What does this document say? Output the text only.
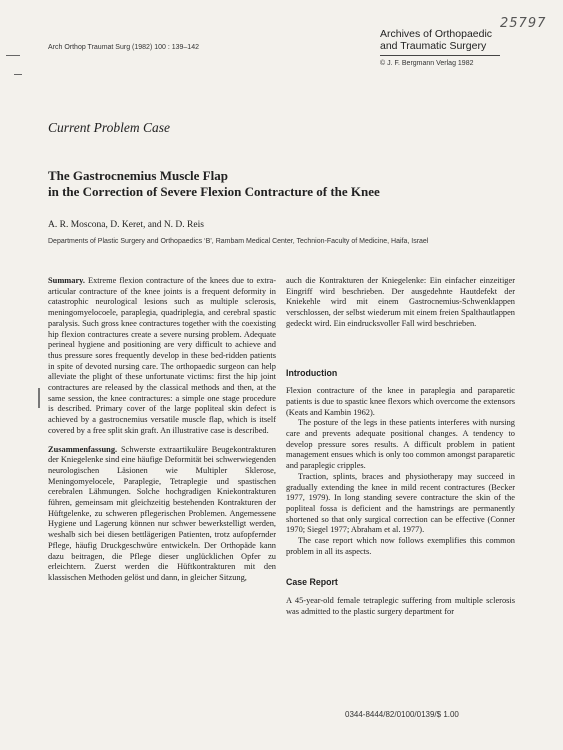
Arch Orthop Traumat Surg (1982) 100 : 139–142
Archives of Orthopaedic
and Traumatic Surgery
© J. F. Bergmann Verlag 1982
25797
Current Problem Case
The Gastrocnemius Muscle Flap
in the Correction of Severe Flexion Contracture of the Knee
A. R. Moscona, D. Keret, and N. D. Reis
Departments of Plastic Surgery and Orthopaedics ‘B’, Rambam Medical Center, Technion-Faculty of Medicine, Haifa, Israel

Summary. Extreme flexion contracture of the knees due to extra-articular contracture of the knee joints is a frequent deformity in catastrophic neurological lesions such as multiple sclerosis, meningomyelocoele, paraplegia, quadriplegia, and cerebral spastic paralysis. Such gross knee contractures together with the coexisting hip flexion contractures create a severe nursing problem. Adequate perineal hygiene and positioning are very difficult to achieve and thus pressure sores frequently develop in these bed-ridden patients in spite of devoted nursing care. The orthopaedic surgeon can help alleviate the plight of these unfortunate victims: first the hip joint contractures are released by the classical methods and then, at the same session, the knee contractures: a simple one stage procedure is described. Primary cover of the large popliteal skin defect is achieved by a gastrocnemius versatile muscle flap, which is itself covered by a free split skin graft. An illustrative case is described.

Zusammenfassung. Schwerste extraartikuläre Beugekontrakturen der Kniegelenke sind eine häufige Deformität bei schwerwiegenden neurologischen Läsionen wie Multipler Sklerose, Meningomyelocele, Paraplegie, Tetraplegie und spastischen cerebralen Lähmungen. Solche hochgradigen Kniekontrakturen führen, gemeinsam mit gleichzeitig bestehenden Kontrakturen der Hüftgelenke, zu schweren pflegerischen Problemen. Angemessene Hygiene und Lagerung können nur schwer bewerkstelligt werden, weshalb sich bei diesen bettlägerigen Patienten, trotz aufopfernder Pflege, häufig Druckgeschwüre entwickeln. Der Orthopäde kann dazu beitragen, die Pflege dieser unglücklichen Opfer zu erleichtern. Zuerst werden die Hüftkontrakturen mit den klassischen Methoden gelöst und dann, in gleicher Sitzung,

auch die Kontrakturen der Kniegelenke: Ein einfacher einzeitiger Eingriff wird beschrieben. Der ausgedehnte Hautdefekt der Kniekehle wird mit einem Gastrocnemius-Schwenklappen verschlossen, der selbst wiederum mit einem freien Spalthautlappen gedeckt wird. Ein eindrucksvoller Fall wird beschrieben.

Introduction

Flexion contracture of the knee in paraplegia and paraparetic patients is due to spastic knee flexors which overcome the extensors (Keats and Kambin 1962).

The posture of the legs in these patients interferes with nursing care and prevents adequate positional changes. A tendency to develop pressure sores results. A difficult problem in patient management ensues which is only too common amongst paraparetic and paraplegic cripples.

Traction, splints, braces and physiotherapy may succeed in gradually extending the knee in mild recent contractures (Becker 1977, 1979). In long standing severe contracture the skin of the popliteal fossa is deficient and the hamstrings are permanently shortened so that only surgical correction can be effective (Conner 1970; Siegel 1977; Abraham et al. 1977).

The case report which now follows exemplifies this common problem in all its aspects.

Case Report

A 45-year-old female tetraplegic suffering from multiple sclerosis was admitted to the plastic surgery department for

0344-8444/82/0100/0139/$ 1.00
